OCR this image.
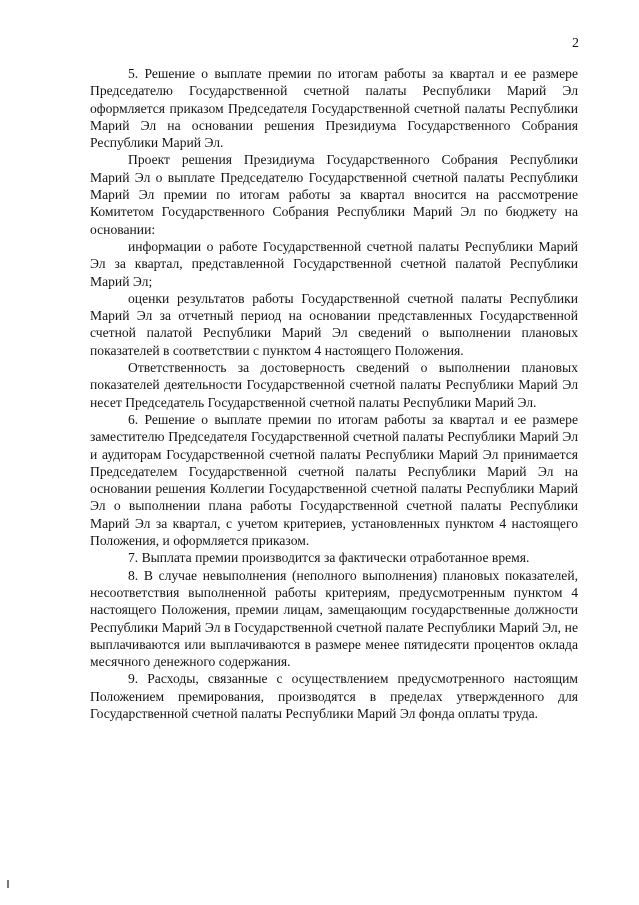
2

5. Решение о выплате премии по итогам работы за квартал и ее размере Председателю Государственной счетной палаты Республики Марий Эл оформляется приказом Председателя Государственной счетной палаты Республики Марий Эл на основании решения Президиума Государственного Собрания Республики Марий Эл.

Проект решения Президиума Государственного Собрания Республики Марий Эл о выплате Председателю Государственной счетной палаты Республики Марий Эл премии по итогам работы за квартал вносится на рассмотрение Комитетом Государственного Собрания Республики Марий Эл по бюджету на основании:

информации о работе Государственной счетной палаты Республики Марий Эл за квартал, представленной Государственной счетной палатой Республики Марий Эл;

оценки результатов работы Государственной счетной палаты Республики Марий Эл за отчетный период на основании представленных Государственной счетной палатой Республики Марий Эл сведений о выполнении плановых показателей в соответствии с пунктом 4 настоящего Положения.

Ответственность за достоверность сведений о выполнении плановых показателей деятельности Государственной счетной палаты Республики Марий Эл несет Председатель Государственной счетной палаты Республики Марий Эл.

6. Решение о выплате премии по итогам работы за квартал и ее размере заместителю Председателя Государственной счетной палаты Республики Марий Эл и аудиторам Государственной счетной палаты Республики Марий Эл принимается Председателем Государственной счетной палаты Республики Марий Эл на основании решения Коллегии Государственной счетной палаты Республики Марий Эл о выполнении плана работы Государственной счетной палаты Республики Марий Эл за квартал, с учетом критериев, установленных пунктом 4 настоящего Положения, и оформляется приказом.

7. Выплата премии производится за фактически отработанное время.

8. В случае невыполнения (неполного выполнения) плановых показателей, несоответствия выполненной работы критериям, предусмотренным пунктом 4 настоящего Положения, премии лицам, замещающим государственные должности Республики Марий Эл в Государственной счетной палате Республики Марий Эл, не выплачиваются или выплачиваются в размере менее пятидесяти процентов оклада месячного денежного содержания.

9. Расходы, связанные с осуществлением предусмотренного настоящим Положением премирования, производятся в пределах утвержденного для Государственной счетной палаты Республики Марий Эл фонда оплаты труда.
